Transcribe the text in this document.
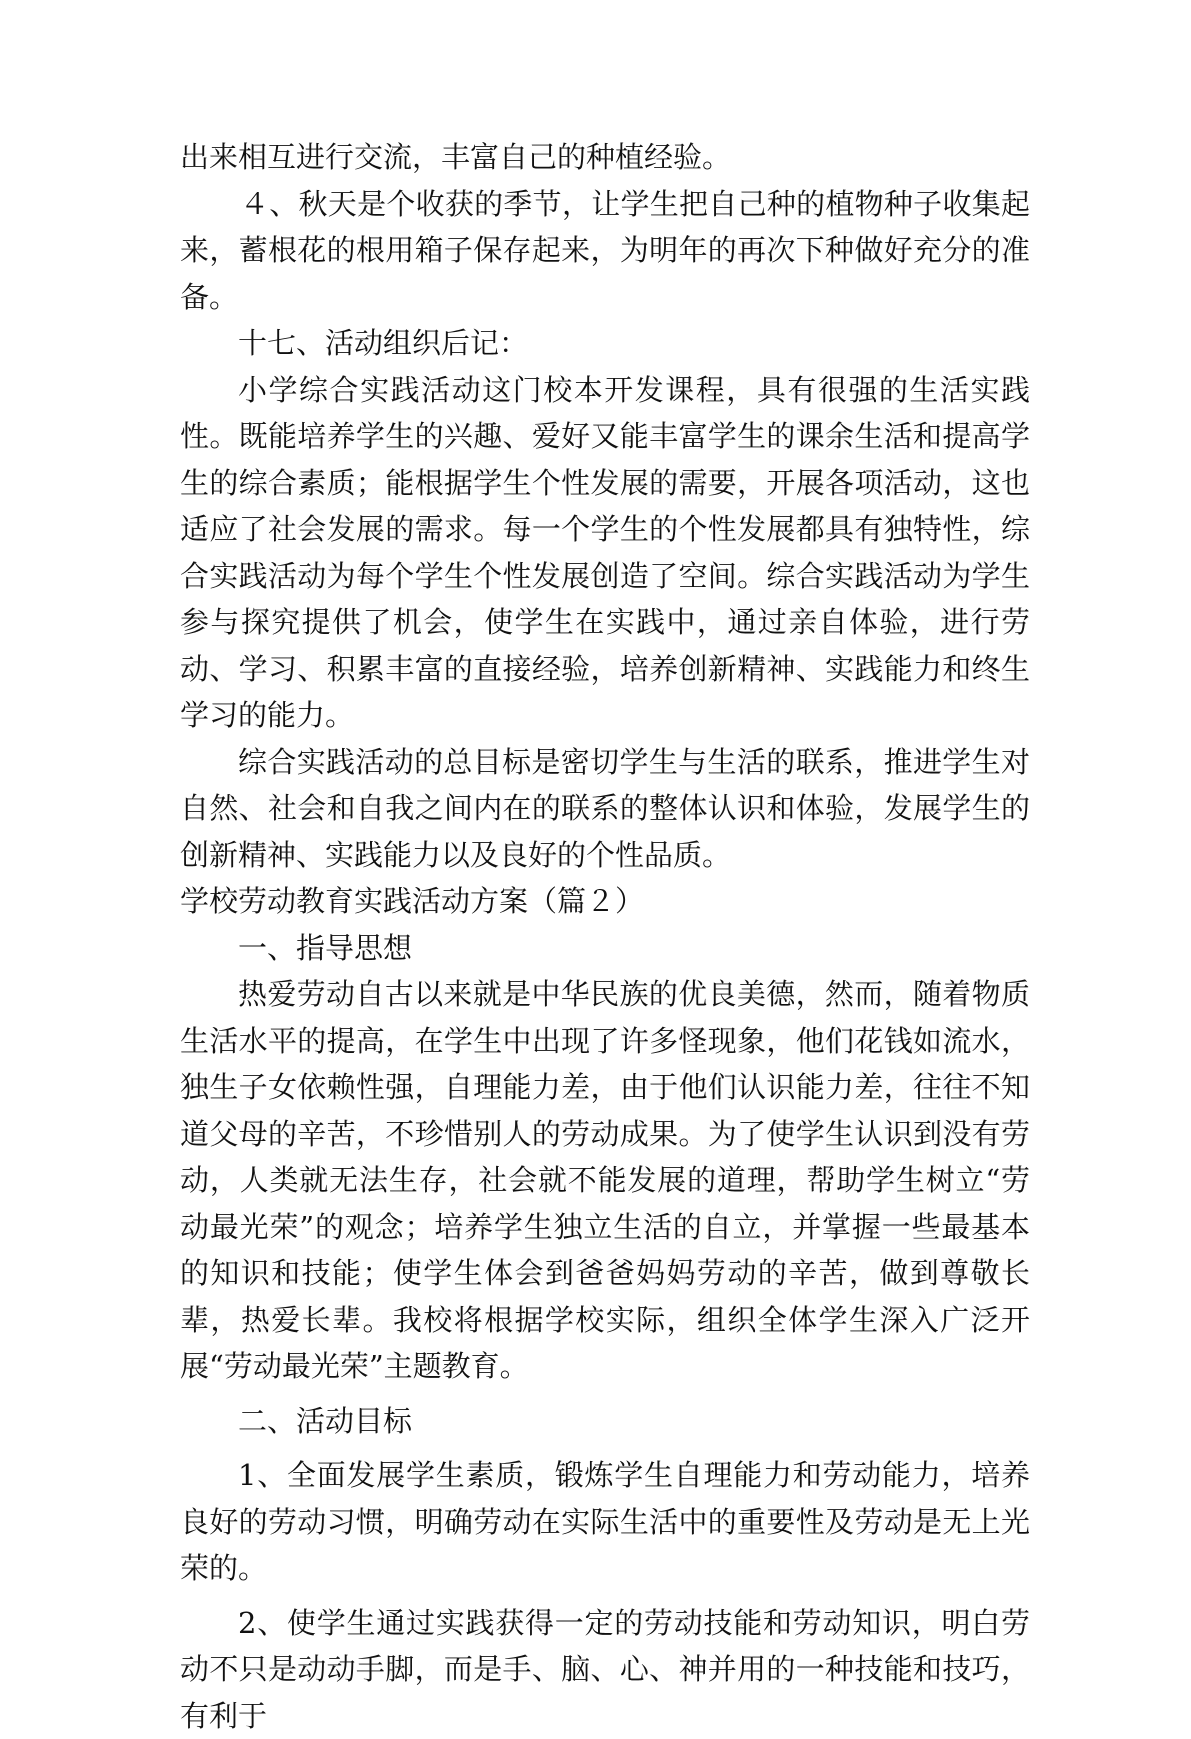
出来相互进行交流，丰富自己的种植经验。

４、秋天是个收获的季节，让学生把自己种的植物种子收集起来，蓄根花的根用箱子保存起来，为明年的再次下种做好充分的准备。

十七、活动组织后记：

小学综合实践活动这门校本开发课程，具有很强的生活实践性。既能培养学生的兴趣、爱好又能丰富学生的课余生活和提高学生的综合素质；能根据学生个性发展的需要，开展各项活动，这也适应了社会发展的需求。每一个学生的个性发展都具有独特性，综合实践活动为每个学生个性发展创造了空间。综合实践活动为学生参与探究提供了机会，使学生在实践中，通过亲自体验，进行劳动、学习、积累丰富的直接经验，培养创新精神、实践能力和终生学习的能力。

综合实践活动的总目标是密切学生与生活的联系，推进学生对自然、社会和自我之间内在的联系的整体认识和体验，发展学生的创新精神、实践能力以及良好的个性品质。

学校劳动教育实践活动方案（篇２）

一、指导思想

热爱劳动自古以来就是中华民族的优良美德，然而，随着物质生活水平的提高，在学生中出现了许多怪现象，他们花钱如流水，独生子女依赖性强，自理能力差，由于他们认识能力差，往往不知道父母的辛苦，不珍惜别人的劳动成果。为了使学生认识到没有劳动，人类就无法生存，社会就不能发展的道理，帮助学生树立“劳动最光荣”的观念；培养学生独立生活的自立，并掌握一些最基本的知识和技能；使学生体会到爸爸妈妈劳动的辛苦，做到尊敬长辈，热爱长辈。我校将根据学校实际，组织全体学生深入广泛开展“劳动最光荣”主题教育。

二、活动目标

1、全面发展学生素质，锻炼学生自理能力和劳动能力，培养良好的劳动习惯，明确劳动在实际生活中的重要性及劳动是无上光荣的。

2、使学生通过实践获得一定的劳动技能和劳动知识，明白劳动不只是动动手脚，而是手、脑、心、神并用的一种技能和技巧，有利于
